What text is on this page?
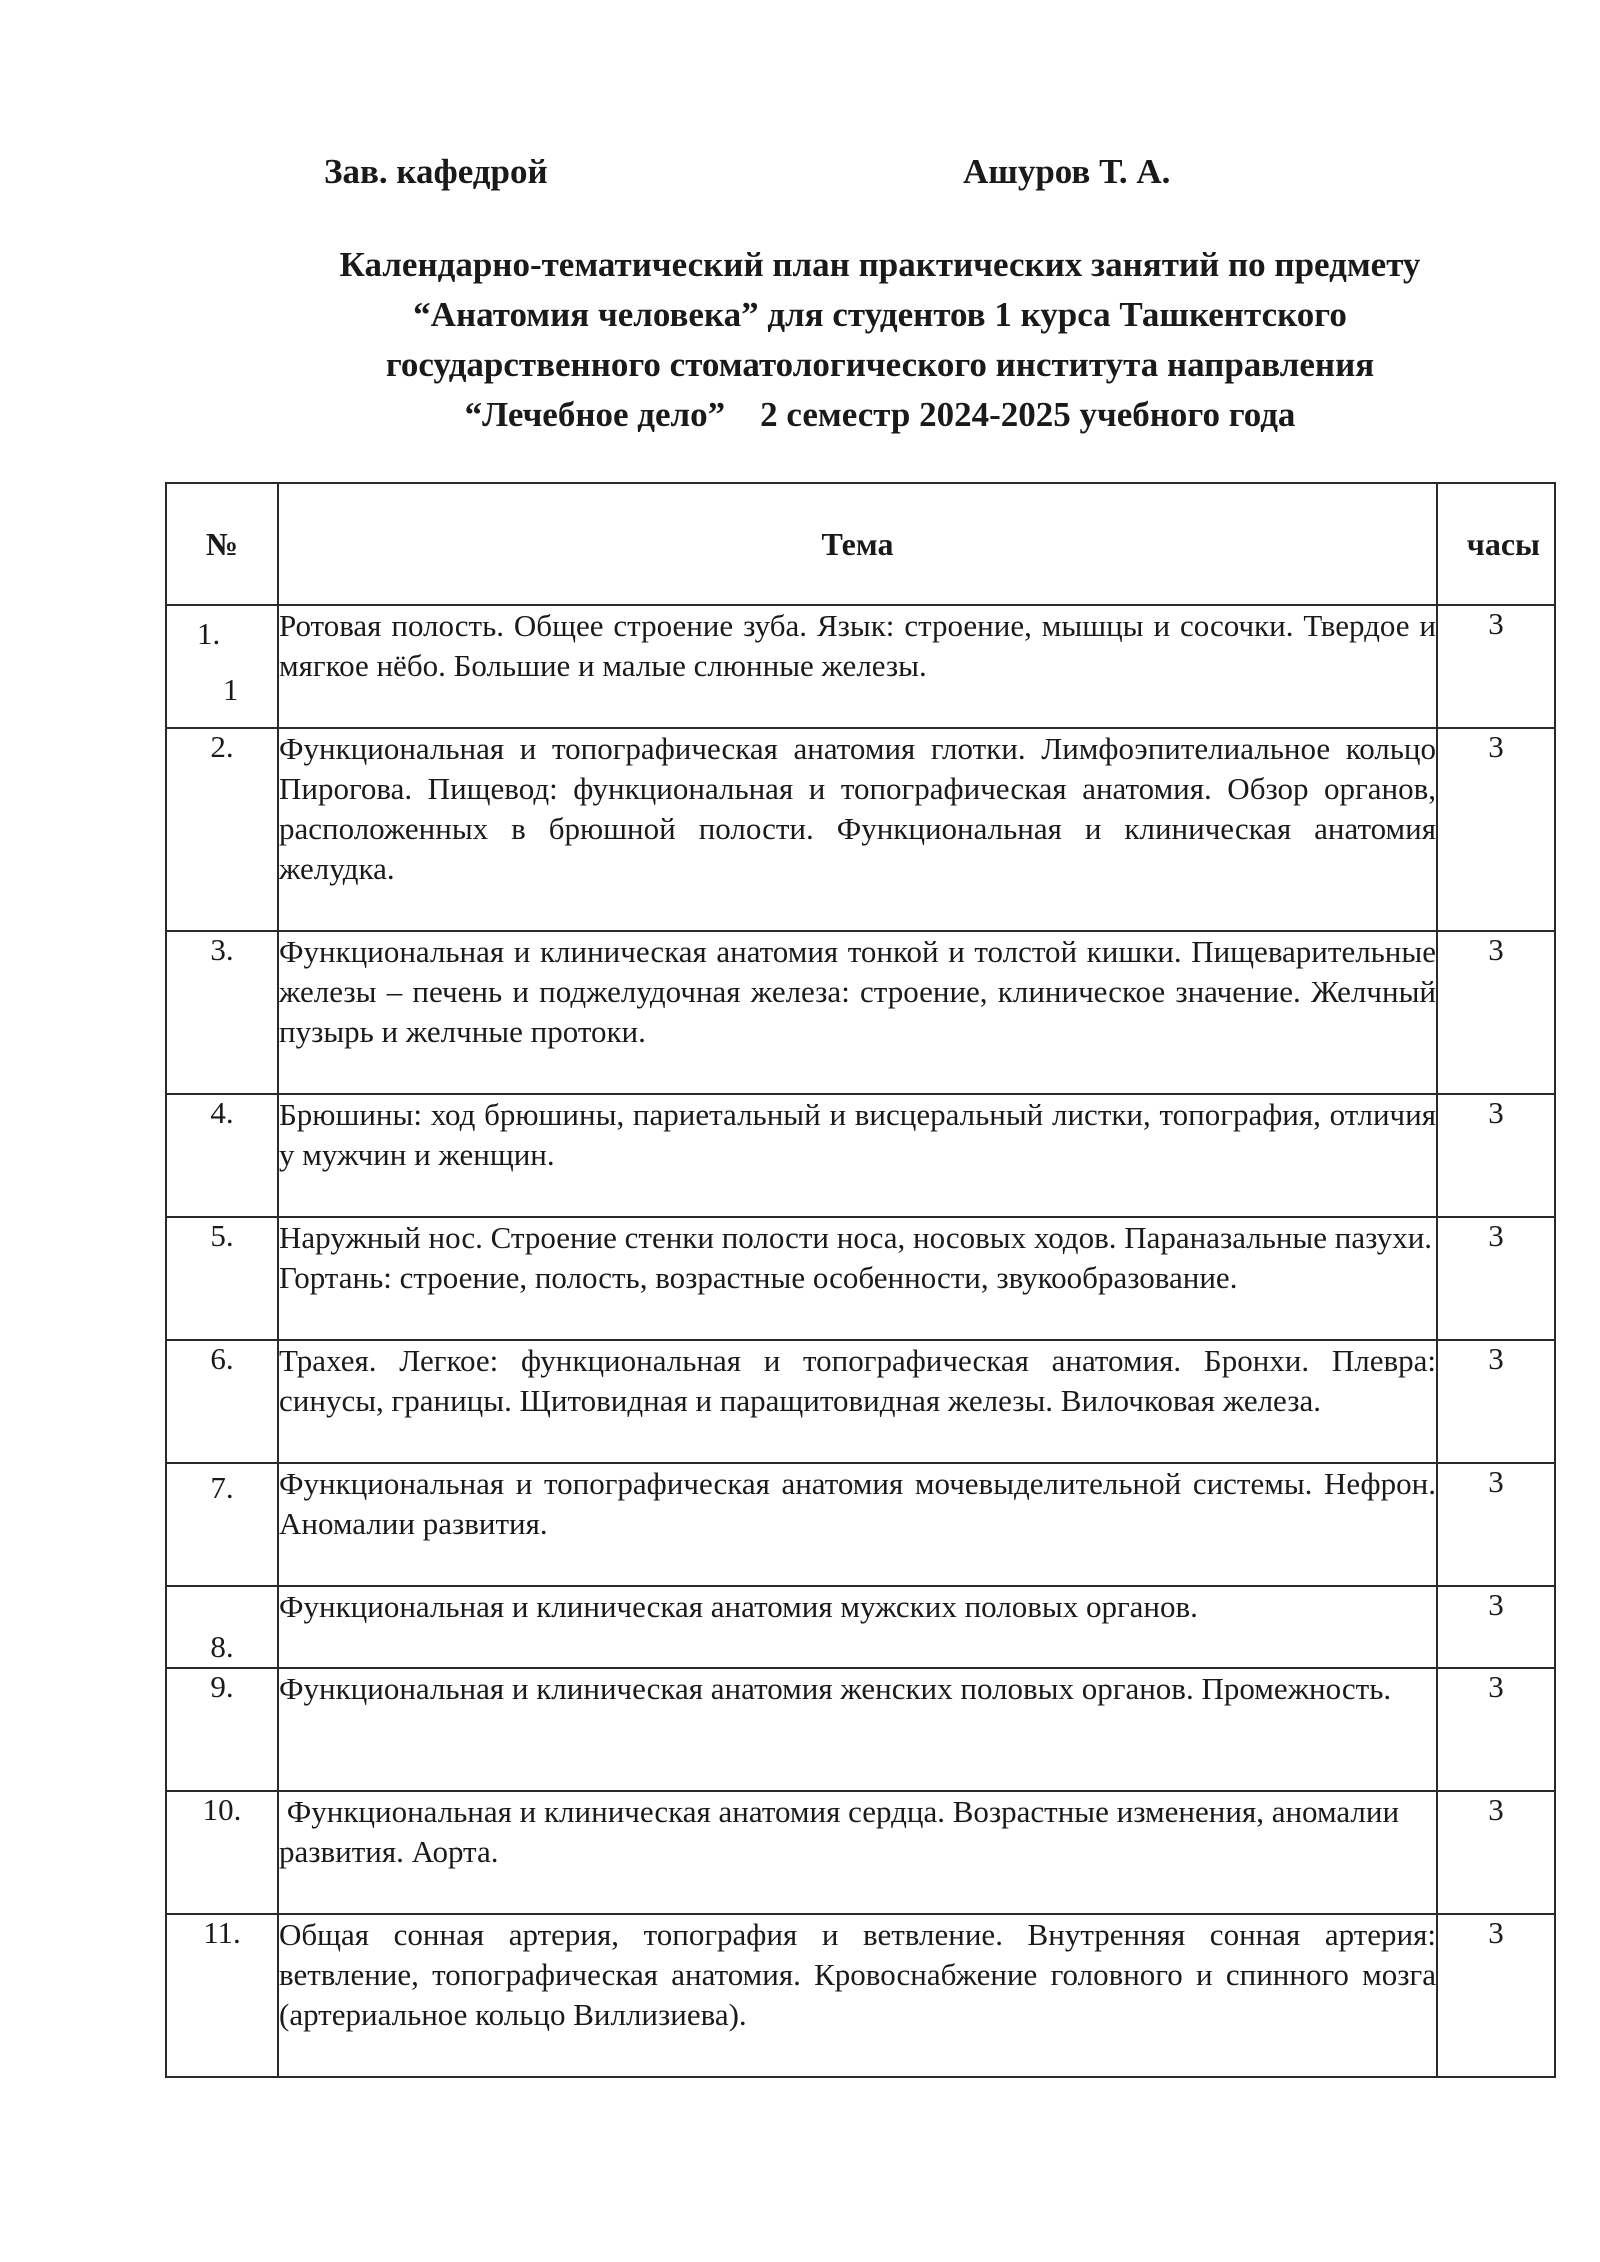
Зав. кафедрой	Ашуров Т. А.
Календарно-тематический план практических занятий по предмету
“Анатомия человека” для студентов 1 курса Ташкентского
государственного стоматологического института направления
“Лечебное дело”    2 семестр 2024-2025 учебного года
№	Тема	часы

1.
1	Ротовая полость. Общее строение зуба. Язык: строение, мышцы и сосочки. Твердое и мягкое нёбо. Большие и малые слюнные железы.	3
2.	Функциональная и топографическая анатомия глотки. Лимфоэпителиальное кольцо Пирогова. Пищевод: функциональная и топографическая анатомия. Обзор органов, расположенных в брюшной полости. Функциональная и клиническая анатомия желудка.	3
3.	Функциональная и клиническая анатомия тонкой и толстой кишки. Пищеварительные железы – печень и поджелудочная железа: строение, клиническое значение. Желчный пузырь и желчные протоки.	3
4.	Брюшины: ход брюшины, париетальный и висцеральный листки, топография, отличия у мужчин и женщин.	3
5.	Наружный нос. Строение стенки полости носа, носовых ходов. Параназальные пазухи. Гортань: строение, полость, возрастные особенности, звукообразование.	3
6.	Трахея. Легкое: функциональная и топографическая анатомия. Бронхи. Плевра: синусы, границы. Щитовидная и паращитовидная железы. Вилочковая железа.	3
7.	Функциональная и топографическая анатомия мочевыделительной системы. Нефрон. Аномалии развития.	3
8.	Функциональная и клиническая анатомия мужских половых органов.	3
9.	Функциональная и клиническая анатомия женских половых органов. Промежность.	3
10.	Функциональная и клиническая анатомия сердца. Возрастные изменения, аномалии развития. Аорта.	3
11.	Общая сонная артерия, топография и ветвление. Внутренняя сонная артерия: ветвление, топографическая анатомия. Кровоснабжение головного и спинного мозга (артериальное кольцо Виллизиева).	3
